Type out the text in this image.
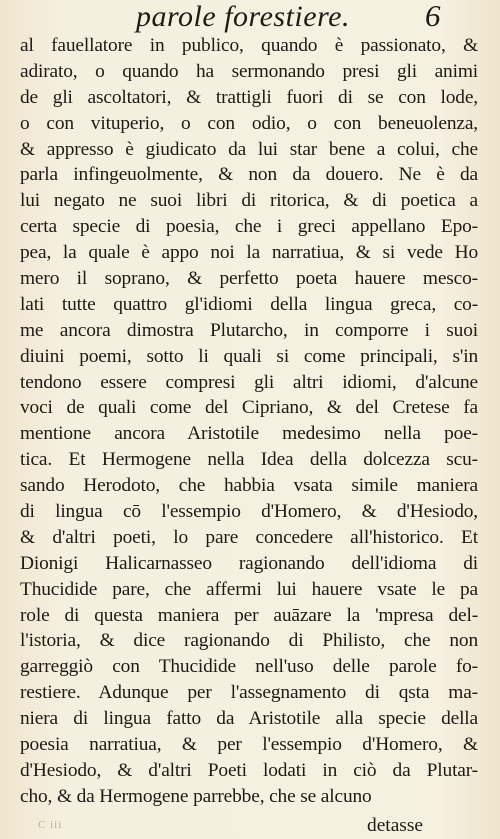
parole forestiere. 6
al fauellatore in publico, quando è passionato, &
adirato, o quando ha sermonando presi gli animi
de gli ascoltatori, & trattigli fuori di se con lode,
o con vituperio, o con odio, o con beneuolenza,
& appresso è giudicato da lui star bene a colui, che
parla infingeuolmente, & non da douero. Ne è da
lui negato ne suoi libri di ritorica, & di poetica a
certa specie di poesia, che i greci appellano Epo-
pea, la quale è appo noi la narratiua, & si vede Ho
mero il soprano, & perfetto poeta hauere mesco-
lati tutte quattro gl'idiomi della lingua greca, co-
me ancora dimostra Plutarcho, in comporre i suoi
diuini poemi, sotto li quali si come principali, s'in
tendono essere compresi gli altri idiomi, d'alcune
voci de quali come del Cipriano, & del Cretese fa
mentione ancora Aristotile medesimo nella poe-
tica. Et Hermogene nella Idea della dolcezza scu-
sando Herodoto, che habbia vsata simile maniera
di lingua cō l'essempio d'Homero, & d'Hesiodo,
& d'altri poeti, lo pare concedere all'historico. Et
Dionigi Halicarnasseo ragionando dell'idioma di
Thucidide pare, che affermi lui hauere vsate le pa
role di questa maniera per auāzare la 'mpresa del-
l'istoria, & dice ragionando di Philisto, che non
garreggiò con Thucidide nell'uso delle parole fo-
restiere. Adunque per l'assegnamento di qsta ma-
niera di lingua fatto da Aristotile alla specie della
poesia narratiua, & per l'essempio d'Homero, &
d'Hesiodo, & d'altri Poeti lodati in ciò da Plutar-
cho, & da Hermogene parrebbe, che se alcuno
C iii	detasse
